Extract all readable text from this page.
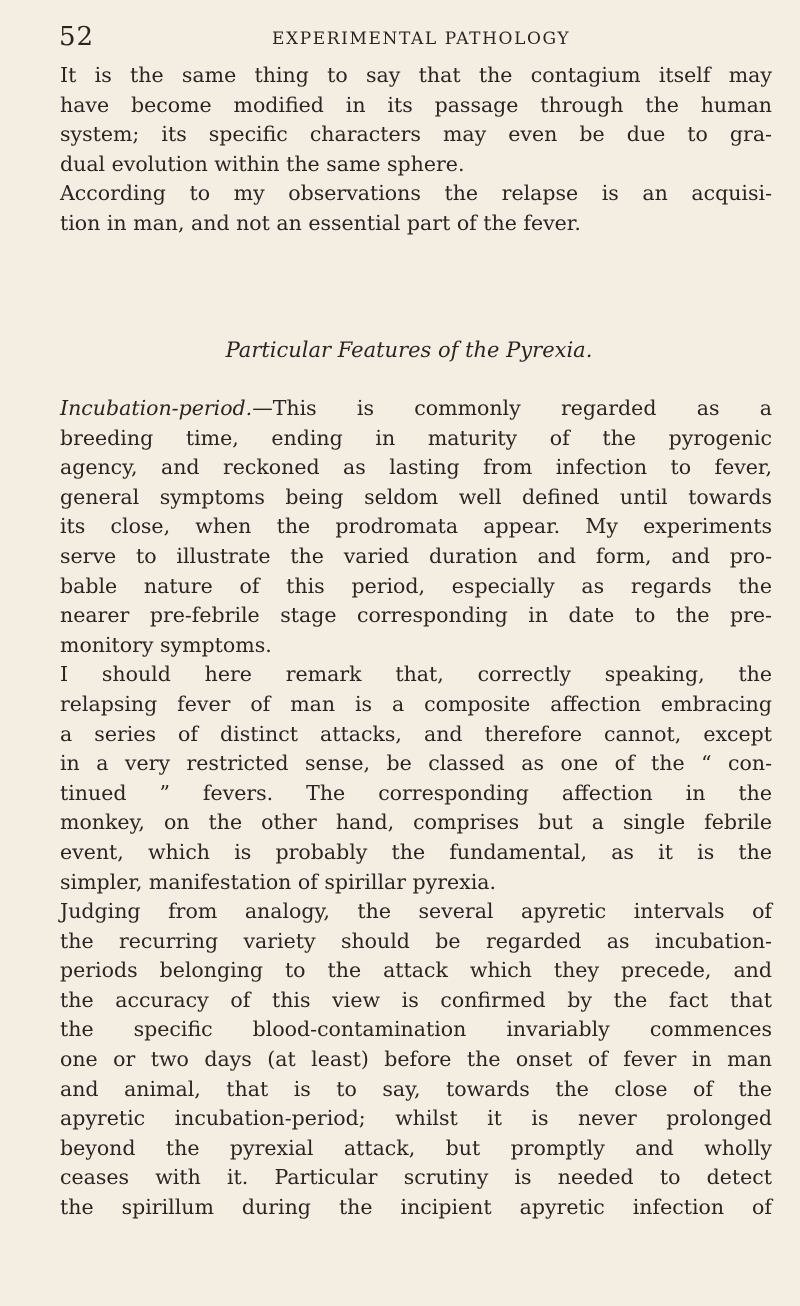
52	EXPERIMENTAL PATHOLOGY
It is the same thing to say that the contagium itself may
have become modified in its passage through the human
system; its specific characters may even be due to gra-
dual evolution within the same sphere.
According to my observations the relapse is an acquisi-
tion in man, and not an essential part of the fever.
Particular Features of the Pyrexia.
Incubation-period.—This is commonly regarded as a
breeding time, ending in maturity of the pyrogenic
agency, and reckoned as lasting from infection to fever,
general symptoms being seldom well defined until towards
its close, when the prodromata appear. My experiments
serve to illustrate the varied duration and form, and pro-
bable nature of this period, especially as regards the
nearer pre-febrile stage corresponding in date to the pre-
monitory symptoms.
I should here remark that, correctly speaking, the
relapsing fever of man is a composite affection embracing
a series of distinct attacks, and therefore cannot, except
in a very restricted sense, be classed as one of the “ con-
tinued ” fevers. The corresponding affection in the
monkey, on the other hand, comprises but a single febrile
event, which is probably the fundamental, as it is the
simpler, manifestation of spirillar pyrexia.
Judging from analogy, the several apyretic intervals of
the recurring variety should be regarded as incubation-
periods belonging to the attack which they precede, and
the accuracy of this view is confirmed by the fact that
the specific blood-contamination invariably commences
one or two days (at least) before the onset of fever in man
and animal, that is to say, towards the close of the
apyretic incubation-period; whilst it is never prolonged
beyond the pyrexial attack, but promptly and wholly
ceases with it. Particular scrutiny is needed to detect
the spirillum during the incipient apyretic infection of
